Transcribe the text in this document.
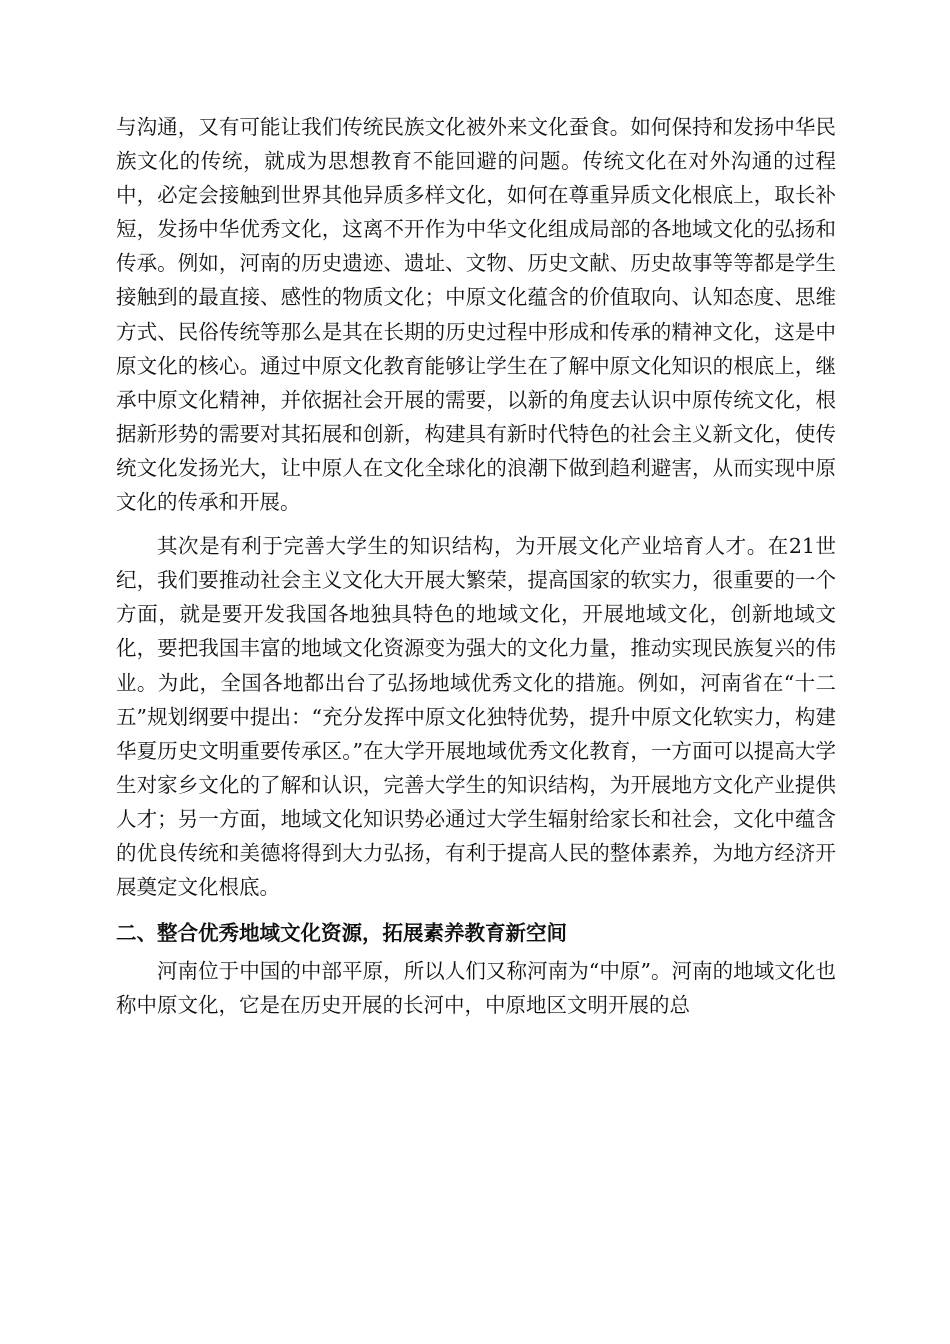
与沟通，又有可能让我们传统民族文化被外来文化蚕食。如何保持和发扬中华民族文化的传统，就成为思想教育不能回避的问题。传统文化在对外沟通的过程中，必定会接触到世界其他异质多样文化，如何在尊重异质文化根底上，取长补短，发扬中华优秀文化，这离不开作为中华文化组成局部的各地域文化的弘扬和传承。例如，河南的历史遗迹、遗址、文物、历史文献、历史故事等等都是学生接触到的最直接、感性的物质文化；中原文化蕴含的价值取向、认知态度、思维方式、民俗传统等那么是其在长期的历史过程中形成和传承的精神文化，这是中原文化的核心。通过中原文化教育能够让学生在了解中原文化知识的根底上，继承中原文化精神，并依据社会开展的需要，以新的角度去认识中原传统文化，根据新形势的需要对其拓展和创新，构建具有新时代特色的社会主义新文化，使传统文化发扬光大，让中原人在文化全球化的浪潮下做到趋利避害，从而实现中原文化的传承和开展。

其次是有利于完善大学生的知识结构，为开展文化产业培育人才。在21世纪，我们要推动社会主义文化大开展大繁荣，提高国家的软实力，很重要的一个方面，就是要开发我国各地独具特色的地域文化，开展地域文化，创新地域文化，要把我国丰富的地域文化资源变为强大的文化力量，推动实现民族复兴的伟业。为此，全国各地都出台了弘扬地域优秀文化的措施。例如，河南省在“十二五”规划纲要中提出：“充分发挥中原文化独特优势，提升中原文化软实力，构建华夏历史文明重要传承区。”在大学开展地域优秀文化教育，一方面可以提高大学生对家乡文化的了解和认识，完善大学生的知识结构，为开展地方文化产业提供人才；另一方面，地域文化知识势必通过大学生辐射给家长和社会，文化中蕴含的优良传统和美德将得到大力弘扬，有利于提高人民的整体素养，为地方经济开展奠定文化根底。

二、整合优秀地域文化资源，拓展素养教育新空间

河南位于中国的中部平原，所以人们又称河南为“中原”。河南的地域文化也称中原文化，它是在历史开展的长河中，中原地区文明开展的总
